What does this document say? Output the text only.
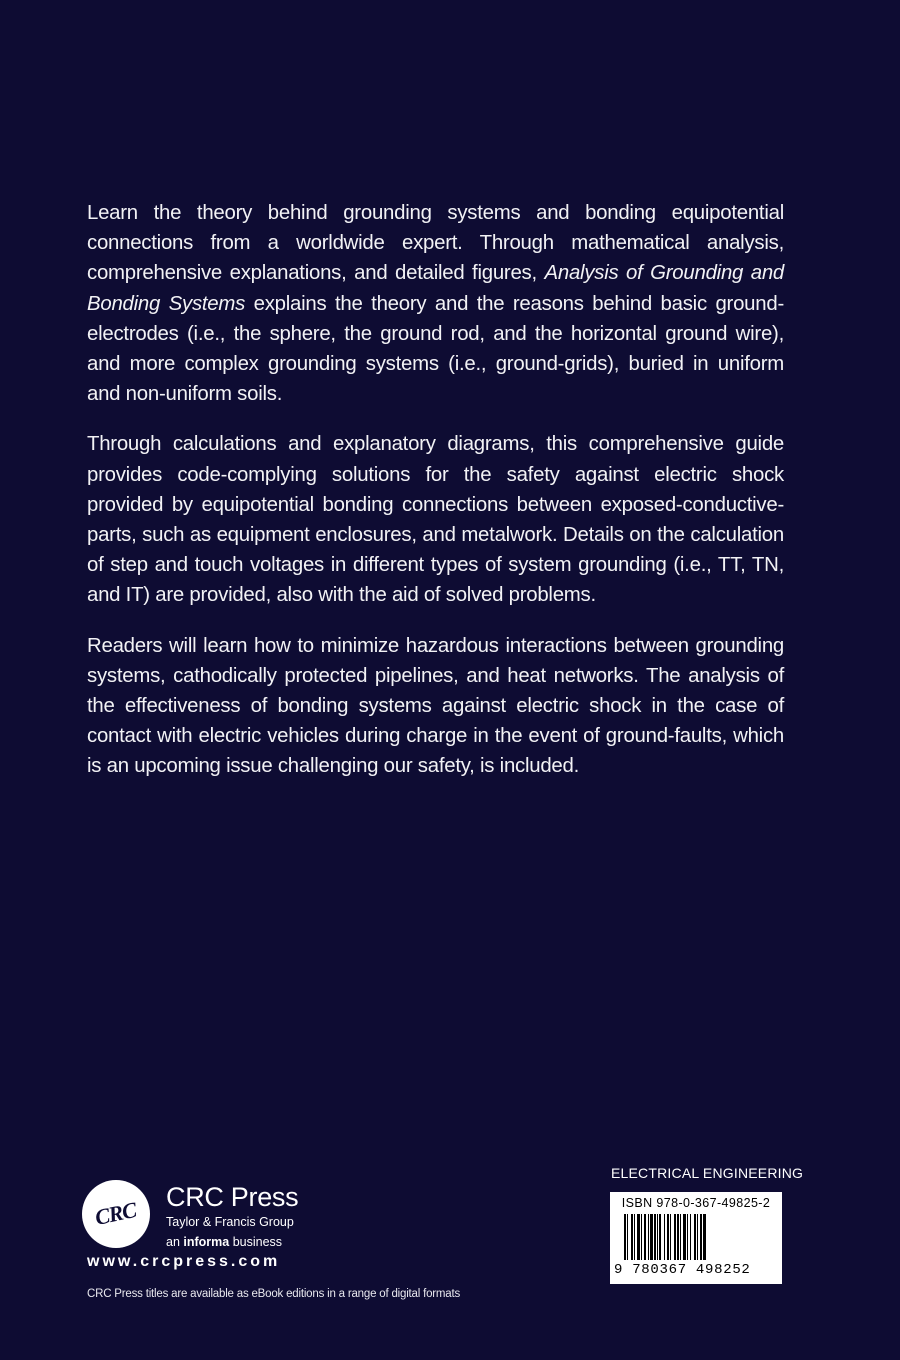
Learn the theory behind grounding systems and bonding equipotential connections from a worldwide expert. Through mathematical analysis, comprehensive explanations, and detailed figures, Analysis of Grounding and Bonding Systems explains the theory and the reasons behind basic ground-electrodes (i.e., the sphere, the ground rod, and the horizontal ground wire), and more complex grounding systems (i.e., ground-grids), buried in uniform and non-uniform soils.

Through calculations and explanatory diagrams, this comprehensive guide provides code-complying solutions for the safety against electric shock provided by equipotential bonding connections between exposed-conductive-parts, such as equipment enclosures, and metalwork. Details on the calculation of step and touch voltages in different types of system grounding (i.e., TT, TN, and IT) are provided, also with the aid of solved problems.

Readers will learn how to minimize hazardous interactions between grounding systems, cathodically protected pipelines, and heat networks. The analysis of the effectiveness of bonding systems against electric shock in the case of contact with electric vehicles during charge in the event of ground-faults, which is an upcoming issue challenging our safety, is included.

CRC
CRC Press
Taylor & Francis Group
an informa business
www.crcpress.com
CRC Press titles are available as eBook editions in a range of digital formats
ELECTRICAL ENGINEERING
ISBN 978-0-367-49825-2
9 780367 498252
